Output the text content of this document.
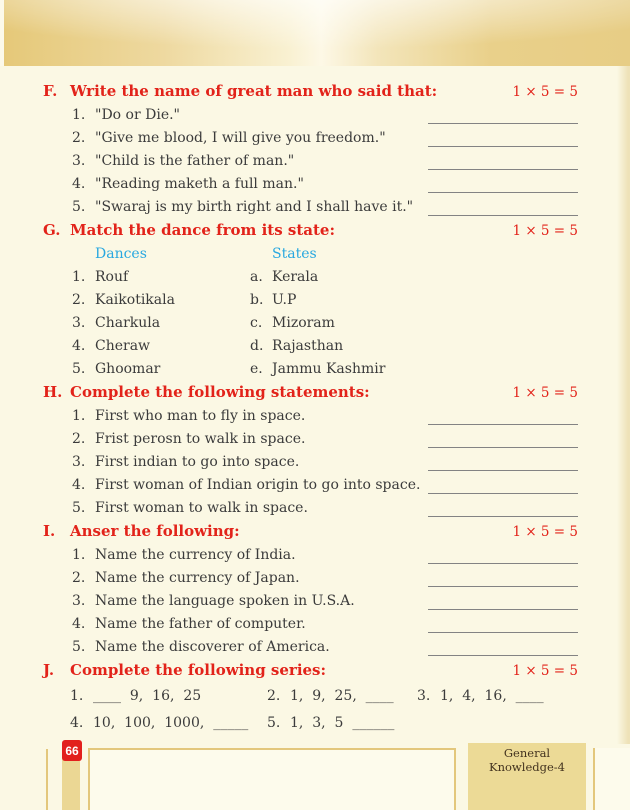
F. Write the name of great man who said that:	1 × 5 = 5
1. "Do or Die."
2. "Give me blood, I will give you freedom."
3. "Child is the father of man."
4. "Reading maketh a full man."
5. "Swaraj is my birth right and I shall have it."
G. Match the dance from its state:	1 × 5 = 5
Dances	States
1. Rouf	a. Kerala
2. Kaikotikala	b. U.P
3. Charkula	c. Mizoram
4. Cheraw	d. Rajasthan
5. Ghoomar	e. Jammu Kashmir
H. Complete the following statements:	1 × 5 = 5
1. First who man to fly in space.
2. Frist perosn to walk in space.
3. First indian to go into space.
4. First woman of Indian origin to go into space.
5. First woman to walk in space.
I. Anser the following:	1 × 5 = 5
1. Name the currency of India.
2. Name the currency of Japan.
3. Name the language spoken in U.S.A.
4. Name the father of computer.
5. Name the discoverer of America.
J.	Complete the following series:	1 × 5 = 5
1. ____  9,  16,  25	2. 1,  9,  25,  ____ 3. 1,  4,  16,  ____
4. 10,  100,  1000,  _____ 5. 1,  3,  5  ______
66	General Knowledge-4
